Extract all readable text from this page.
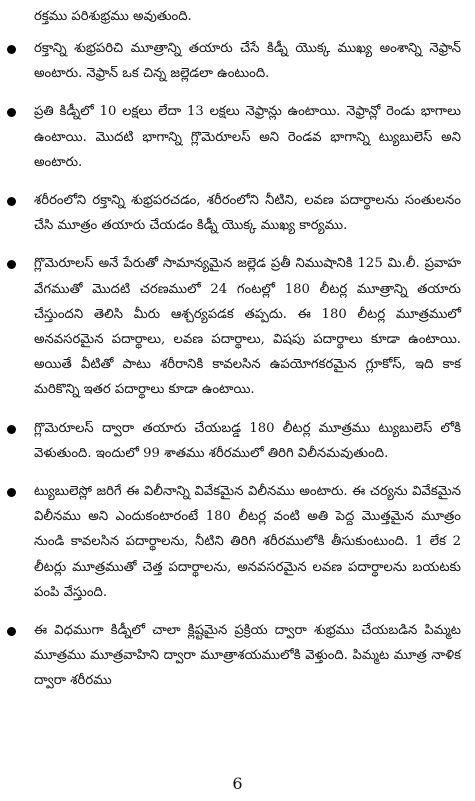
రక్తము పరిశుభ్రము అవుతుంది.

రక్తాన్ని శుభ్రపరిచి మూత్రాన్ని తయారు చేసే కిడ్నీ యొక్క ముఖ్య అంశాన్ని నెఫ్రాన్ అంటారు. నెఫ్రాన్ ఒక చిన్న జల్లెడలా ఉంటుంది.

ప్రతి కిడ్నీలో 10 లక్షలు లేదా 13 లక్షలు నెఫ్రాన్లు ఉంటాయి. నెఫ్రాన్లో రెండు భాగాలు ఉంటాయి. మొదటి భాగాన్ని గ్లొమెరూలస్ అని రెండవ భాగాన్ని ట్యుబులెస్ అని అంటారు.

శరీరంలోని రక్తాన్ని శుభ్రపరచడం, శరీరంలోని నీటిని, లవణ పదార్థాలను సంతులనం చేసి మూత్రం తయారు చేయడం కిడ్నీ యొక్క ముఖ్య కార్యము.

గ్లొమెరూలస్ అనే పేరుతో సామాన్యమైన జల్లెడ ప్రతీ నిముషానికి 125 మి.లీ. ప్రవాహ వేగముతో మొదటి చరణములో 24 గంటల్లో 180 లీటర్ల మూత్రాన్ని తయారు చేస్తుందని తెలిసి మీరు ఆశ్చర్యపడక తప్పదు. ఈ 180 లీటర్ల మూత్రములో అనవసరమైన పదార్థాలు, లవణ పదార్థాలు, విషపు పదార్థాలు కూడా ఉంటాయి. అయితే వీటితో పాటు శరీరానికి కావలసిన ఉపయోగకరమైన గ్లూకోస్, ఇది కాక మరికొన్ని ఇతర పదార్థాలు కూడా ఉంటాయి.

గ్లొమెరూలస్ ద్వారా తయారు చేయబడ్డ 180 లీటర్ల మూత్రము ట్యుబులెస్ లోకి వెళుతుంది. ఇందులో 99 శాతము శరీరములో తిరిగి విలీనమవుతుంది.

ట్యుబులెస్లో జరిగే ఈ విలీనాన్ని వివేకమైన విలీనము అంటారు. ఈ చర్యను వివేకమైన విలీనము అని ఎందుకంటారంటే 180 లీటర్ల వంటి అతి పెద్ద మొత్తమైన మూత్రం నుండి కావలసిన పదార్థాలను, నీటిని తిరిగి శరీరములోకి తీసుకుంటుంది. 1 లేక 2 లీటర్లు మూత్రముతో చెత్త పదార్థాలను, అనవసరమైన లవణ పదార్థాలను బయటకు పంపి వేస్తుంది.

ఈ విధముగా కిడ్నీలో చాలా క్లిష్టమైన ప్రక్రియ ద్వారా శుభ్రము చేయబడిన పిమ్మట మూత్రము మూత్రవాహిని ద్వారా మూత్రాశయములోకి వెళ్తుంది. పిమ్మట మూత్ర నాళిక ద్వారా శరీరము

6
